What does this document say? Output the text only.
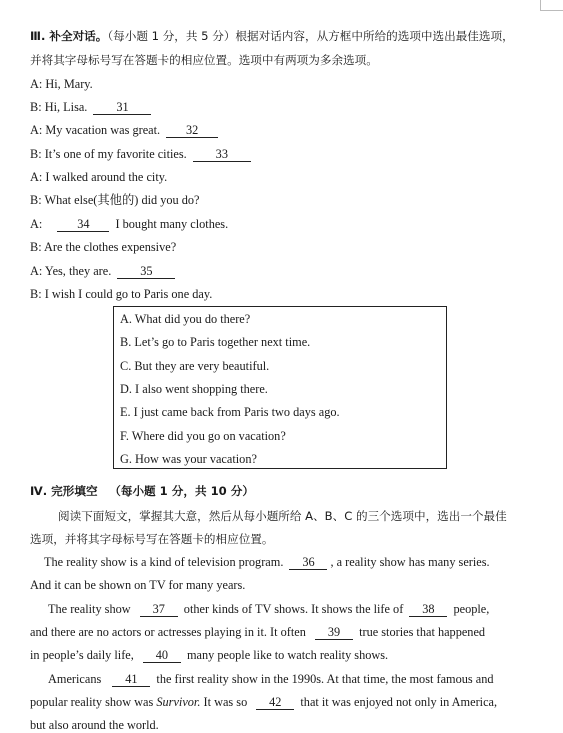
Ⅲ. 补全对话。（每小题 1 分，共 5 分）根据对话内容，从方框中所给的选项中选出最佳选项，
并将其字母标号写在答题卡的相应位置。选项中有两项为多余选项。
A: Hi, Mary.
B: Hi, Lisa. 31
A: My vacation was great. 32
B: It’s one of my favorite cities. 33
A: I walked around the city.
B: What else(其他的) did you do?
A:	34 I bought many clothes.
B: Are the clothes expensive?
A: Yes, they are. 35
B: I wish I could go to Paris one day.
A. What did you do there?
B. Let’s go to Paris together next time.
C. But they are very beautiful.
D. I also went shopping there.
E. I just came back from Paris two days ago.
F. Where did you go on vacation?
G. How was your vacation?
Ⅳ. 完形填空 （每小题 1 分，共 10 分）
阅读下面短文，掌握其大意，然后从每小题所给 A、B、C 的三个选项中，选出一个最佳
选项，并将其字母标号写在答题卡的相应位置。
The reality show is a kind of television program. 36 , a reality show has many series.
And it can be shown on TV for many years.
The reality show 37 other kinds of TV shows. It shows the life of 38 people,
and there are no actors or actresses playing in it. It often 39 true stories that happened
in people’s daily life, 40 many people like to watch reality shows.
Americans 41 the first reality show in the 1990s. At that time, the most famous and
popular reality show was Survivor. It was so 42 that it was enjoyed not only in America,
but also around the world.
